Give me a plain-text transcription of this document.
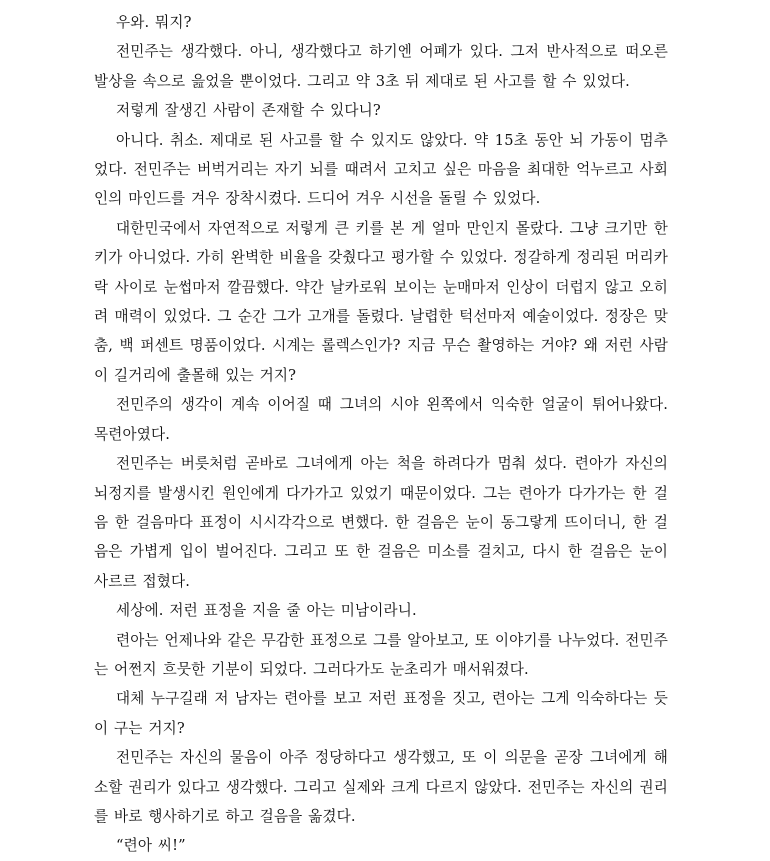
우와. 뭐지?

전민주는 생각했다. 아니, 생각했다고 하기엔 어폐가 있다. 그저 반사적으로 떠오른 발상을 속으로 읊었을 뿐이었다. 그리고 약 3초 뒤 제대로 된 사고를 할 수 있었다.

저렇게 잘생긴 사람이 존재할 수 있다니?

아니다. 취소. 제대로 된 사고를 할 수 있지도 않았다. 약 15초 동안 뇌 가동이 멈추었다. 전민주는 버벅거리는 자기 뇌를 때려서 고치고 싶은 마음을 최대한 억누르고 사회인의 마인드를 겨우 장착시켰다. 드디어 겨우 시선을 돌릴 수 있었다.

대한민국에서 자연적으로 저렇게 큰 키를 본 게 얼마 만인지 몰랐다. 그냥 크기만 한 키가 아니었다. 가히 완벽한 비율을 갖췄다고 평가할 수 있었다. 정갈하게 정리된 머리카락 사이로 눈썹마저 깔끔했다. 약간 날카로워 보이는 눈매마저 인상이 더럽지 않고 오히려 매력이 있었다. 그 순간 그가 고개를 돌렸다. 날렵한 턱선마저 예술이었다. 정장은 맞춤, 백 퍼센트 명품이었다. 시계는 롤렉스인가? 지금 무슨 촬영하는 거야? 왜 저런 사람이 길거리에 출몰해 있는 거지?

전민주의 생각이 계속 이어질 때 그녀의 시야 왼쪽에서 익숙한 얼굴이 튀어나왔다. 목련아였다.

전민주는 버릇처럼 곧바로 그녀에게 아는 척을 하려다가 멈춰 섰다. 련아가 자신의 뇌정지를 발생시킨 원인에게 다가가고 있었기 때문이었다. 그는 련아가 다가가는 한 걸음 한 걸음마다 표정이 시시각각으로 변했다. 한 걸음은 눈이 동그랗게 뜨이더니, 한 걸음은 가볍게 입이 벌어진다. 그리고 또 한 걸음은 미소를 걸치고, 다시 한 걸음은 눈이 사르르 접혔다.

세상에. 저런 표정을 지을 줄 아는 미남이라니.

련아는 언제나와 같은 무감한 표정으로 그를 알아보고, 또 이야기를 나누었다. 전민주는 어쩐지 흐뭇한 기분이 되었다. 그러다가도 눈초리가 매서워졌다.

대체 누구길래 저 남자는 련아를 보고 저런 표정을 짓고, 련아는 그게 익숙하다는 듯이 구는 거지?

전민주는 자신의 물음이 아주 정당하다고 생각했고, 또 이 의문을 곧장 그녀에게 해소할 권리가 있다고 생각했다. 그리고 실제와 크게 다르지 않았다. 전민주는 자신의 권리를 바로 행사하기로 하고 걸음을 옮겼다.

“련아 씨!”
